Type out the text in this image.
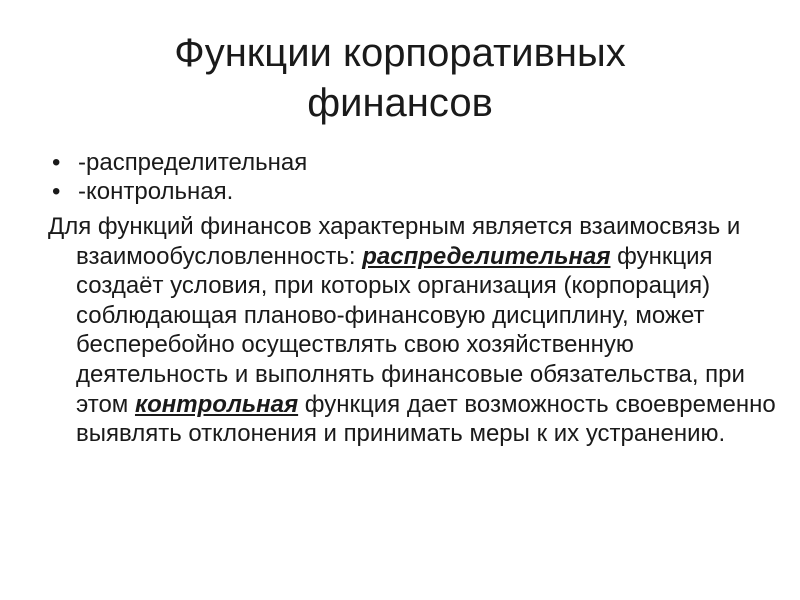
Функции корпоративных финансов
• -распределительная
• -контрольная.

Для функций финансов характерным является взаимосвязь и взаимообусловленность: распределительная функция создаёт условия, при которых организация (корпорация) соблюдающая планово-финансовую дисциплину, может бесперебойно осуществлять свою хозяйственную деятельность и выполнять финансовые обязательства, при этом контрольная функция дает возможность своевременно выявлять отклонения и принимать меры к их устранению.
